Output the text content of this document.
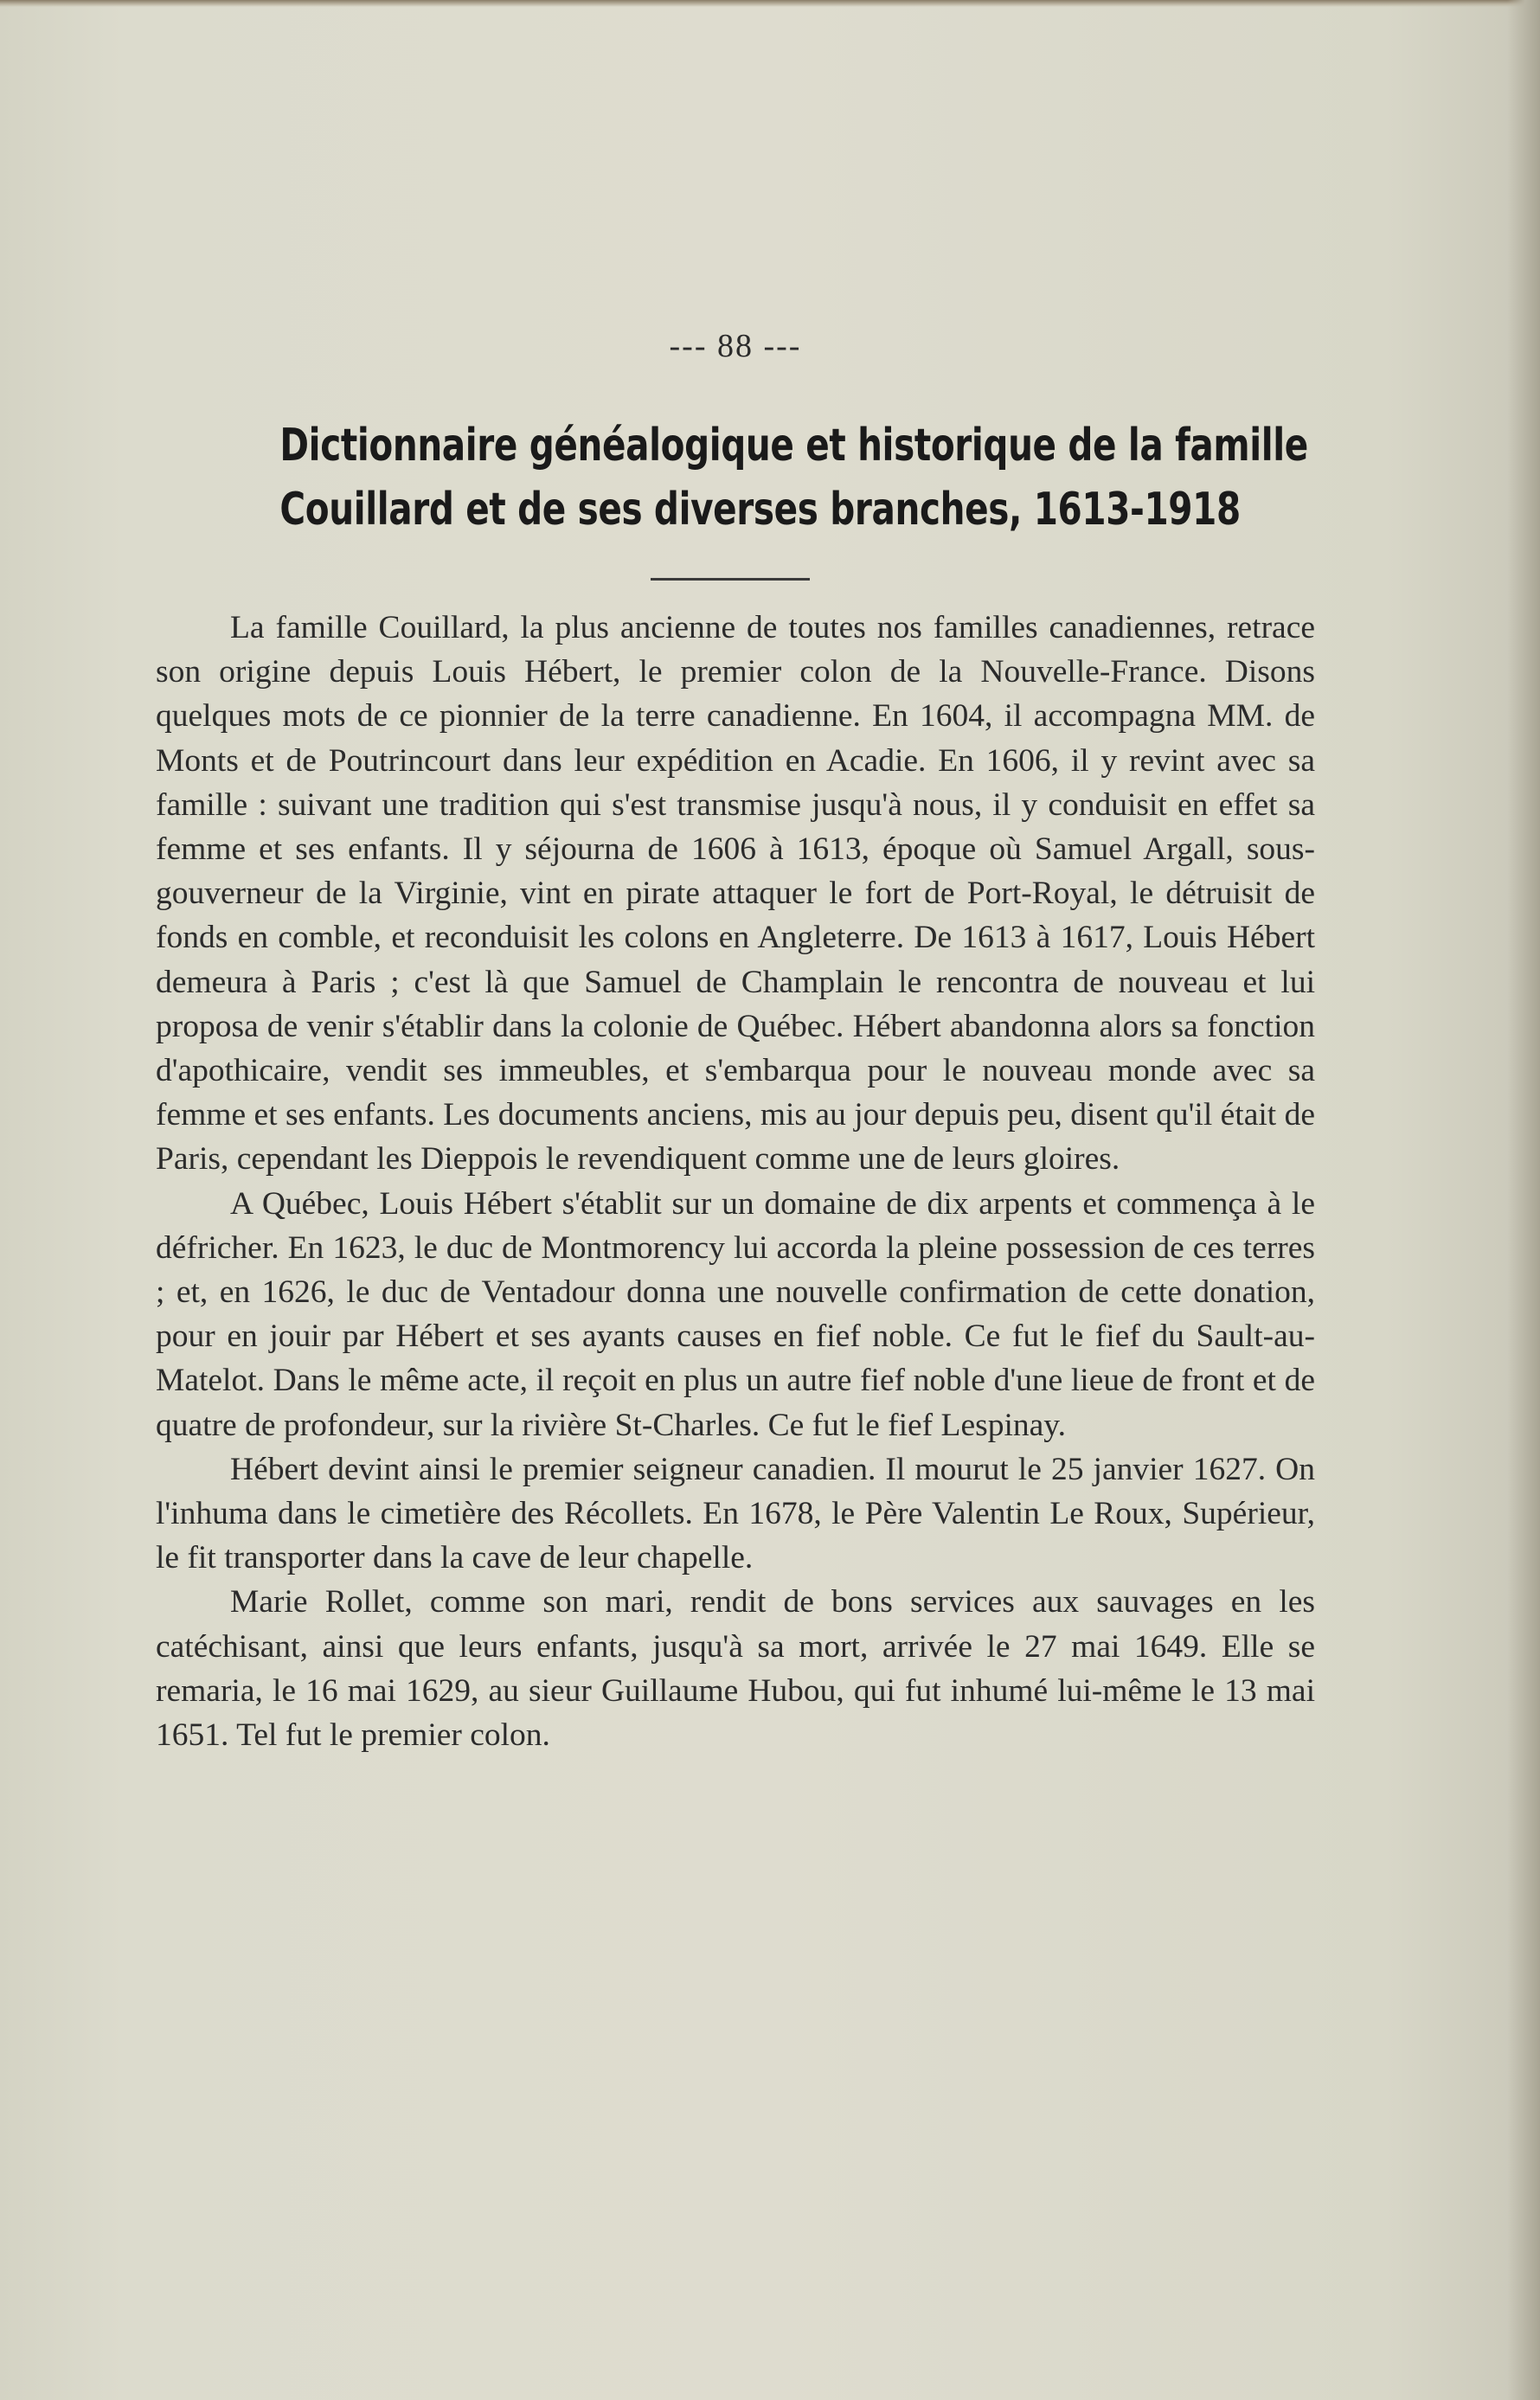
--- 88 ---
Dictionnaire généalogique et historique de la famille
Couillard et de ses diverses branches, 1613-1918

La famille Couillard, la plus ancienne de toutes nos familles canadiennes, retrace son origine depuis Louis Hébert, le premier colon de la Nouvelle-France. Disons quelques mots de ce pionnier de la terre canadienne. En 1604, il accompagna MM. de Monts et de Poutrincourt dans leur expédition en Acadie. En 1606, il y revint avec sa famille : suivant une tradition qui s'est transmise jusqu'à nous, il y conduisit en effet sa femme et ses enfants. Il y séjourna de 1606 à 1613, époque où Samuel Argall, sous-gouverneur de la Virginie, vint en pirate attaquer le fort de Port-Royal, le détruisit de fonds en comble, et reconduisit les colons en Angleterre. De 1613 à 1617, Louis Hébert demeura à Paris ; c'est là que Samuel de Champlain le rencontra de nouveau et lui proposa de venir s'établir dans la colonie de Québec. Hébert abandonna alors sa fonction d'apothicaire, vendit ses immeubles, et s'embarqua pour le nouveau monde avec sa femme et ses enfants. Les documents anciens, mis au jour depuis peu, disent qu'il était de Paris, cependant les Dieppois le revendiquent comme une de leurs gloires.

A Québec, Louis Hébert s'établit sur un domaine de dix arpents et commença à le défricher. En 1623, le duc de Montmorency lui accorda la pleine possession de ces terres ; et, en 1626, le duc de Ventadour donna une nouvelle confirmation de cette donation, pour en jouir par Hébert et ses ayants causes en fief noble. Ce fut le fief du Sault-au-Matelot. Dans le même acte, il reçoit en plus un autre fief noble d'une lieue de front et de quatre de profondeur, sur la rivière St-Charles. Ce fut le fief Lespinay.

Hébert devint ainsi le premier seigneur canadien. Il mourut le 25 janvier 1627. On l'inhuma dans le cimetière des Récollets. En 1678, le Père Valentin Le Roux, Supérieur, le fit transporter dans la cave de leur chapelle.

Marie Rollet, comme son mari, rendit de bons services aux sauvages en les catéchisant, ainsi que leurs enfants, jusqu'à sa mort, arrivée le 27 mai 1649. Elle se remaria, le 16 mai 1629, au sieur Guillaume Hubou, qui fut inhumé lui-même le 13 mai 1651. Tel fut le premier colon.
